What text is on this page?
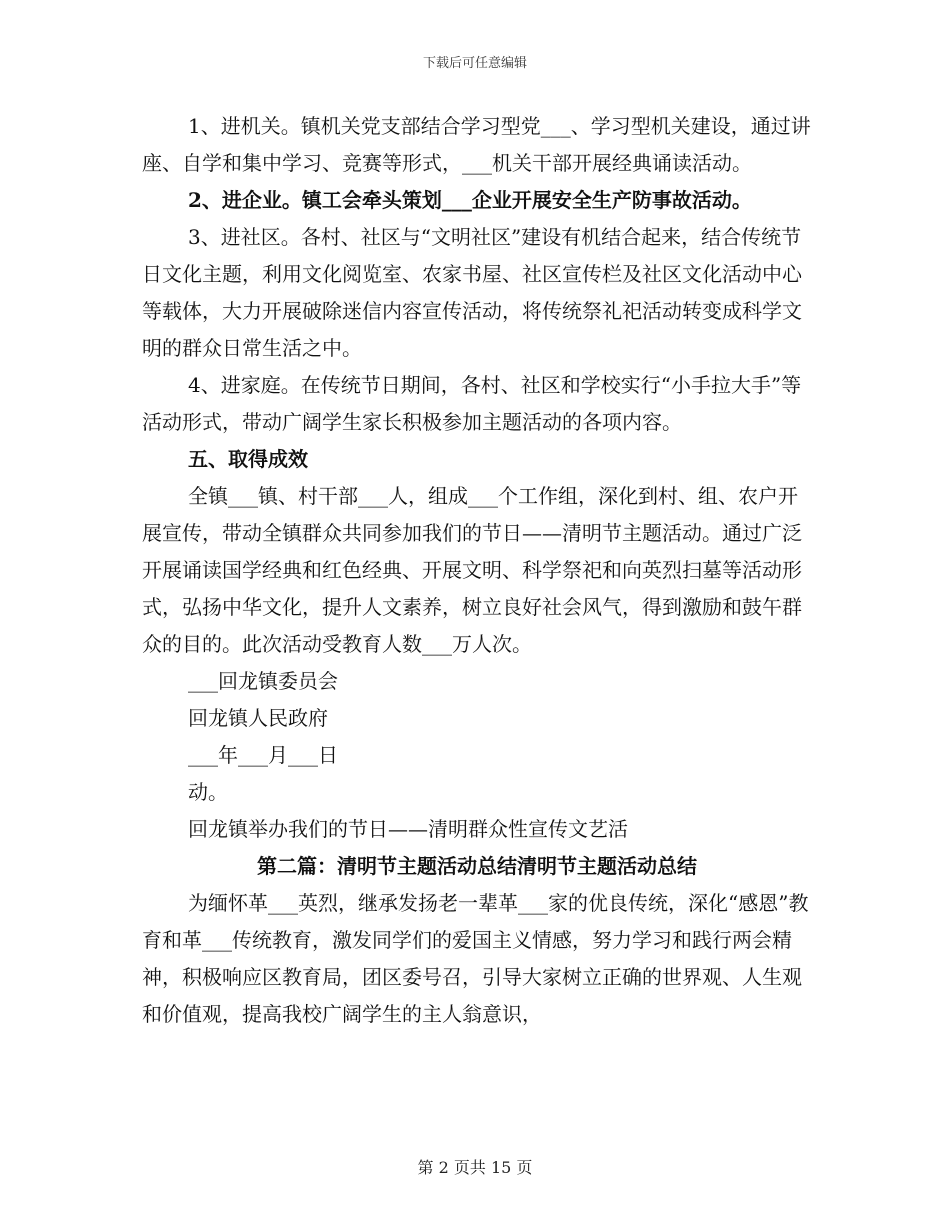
下载后可任意编辑

1、进机关。镇机关党支部结合学习型党___、学习型机关建设，通过讲座、自学和集中学习、竞赛等形式，___机关干部开展经典诵读活动。

2、进企业。镇工会牵头策划___企业开展安全生产防事故活动。

3、进社区。各村、社区与“文明社区”建设有机结合起来，结合传统节日文化主题，利用文化阅览室、农家书屋、社区宣传栏及社区文化活动中心等载体，大力开展破除迷信内容宣传活动，将传统祭礼祀活动转变成科学文明的群众日常生活之中。

4、进家庭。在传统节日期间，各村、社区和学校实行“小手拉大手”等活动形式，带动广阔学生家长积极参加主题活动的各项内容。

五、取得成效

全镇___镇、村干部___人，组成___个工作组，深化到村、组、农户开展宣传，带动全镇群众共同参加我们的节日——清明节主题活动。通过广泛开展诵读国学经典和红色经典、开展文明、科学祭祀和向英烈扫墓等活动形式，弘扬中华文化，提升人文素养，树立良好社会风气，得到激励和鼓午群众的目的。此次活动受教育人数___万人次。

___回龙镇委员会

回龙镇人民政府

___年___月___日

动。

回龙镇举办我们的节日——清明群众性宣传文艺活

第二篇：清明节主题活动总结清明节主题活动总结

为缅怀革___英烈，继承发扬老一辈革___家的优良传统，深化“感恩”教育和革___传统教育，激发同学们的爱国主义情感，努力学习和践行两会精神，积极响应区教育局，团区委号召，引导大家树立正确的世界观、人生观和价值观，提高我校广阔学生的主人翁意识，

第 2 页共 15 页
